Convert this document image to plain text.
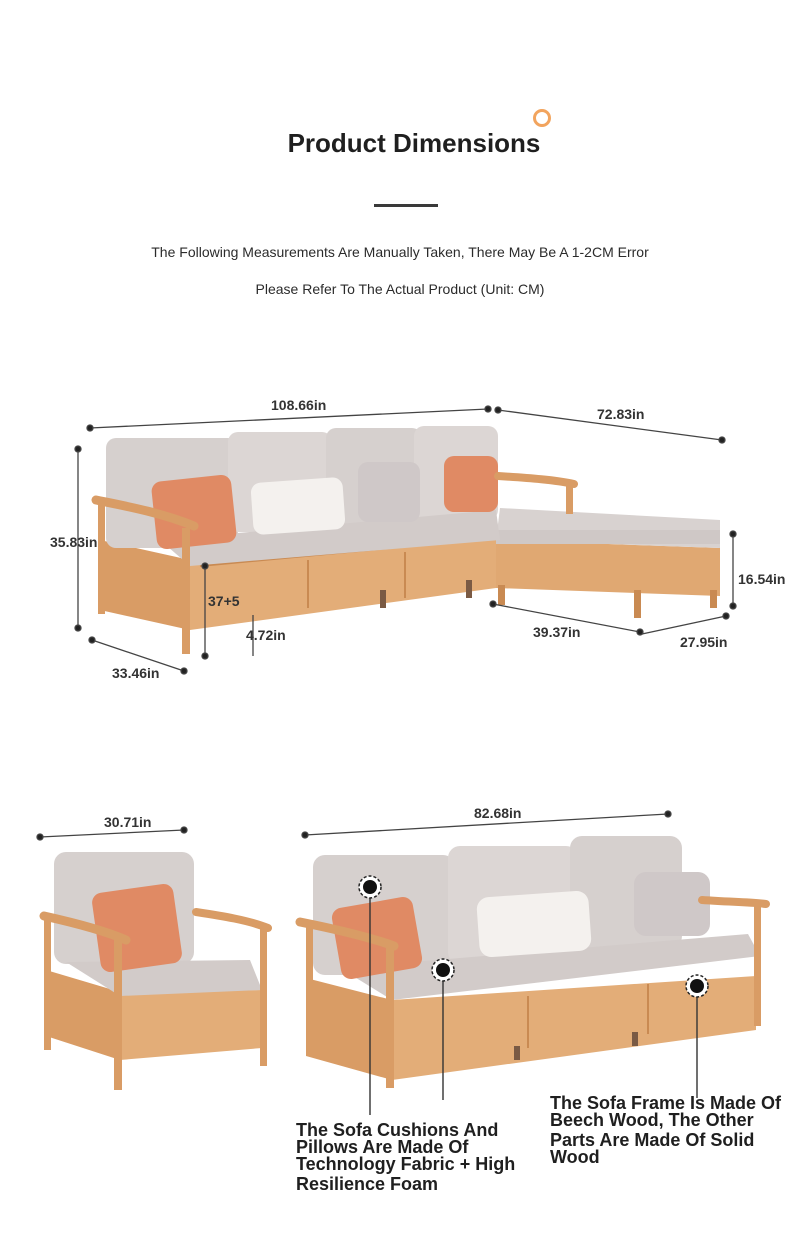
Product Dimensions
The Following Measurements Are Manually Taken, There May Be A 1-2CM Error
Please Refer To The Actual Product (Unit: CM)
108.66in
72.83in
35.83in
33.46in
37+5
4.72in
16.54in
39.37in
27.95in
30.71in
82.68in
The Sofa Cushions And
Pillows Are Made Of
Technology Fabric + High
Resilience Foam
The Sofa Frame Is Made Of
Beech Wood, The Other
Parts Are Made Of Solid
Wood
